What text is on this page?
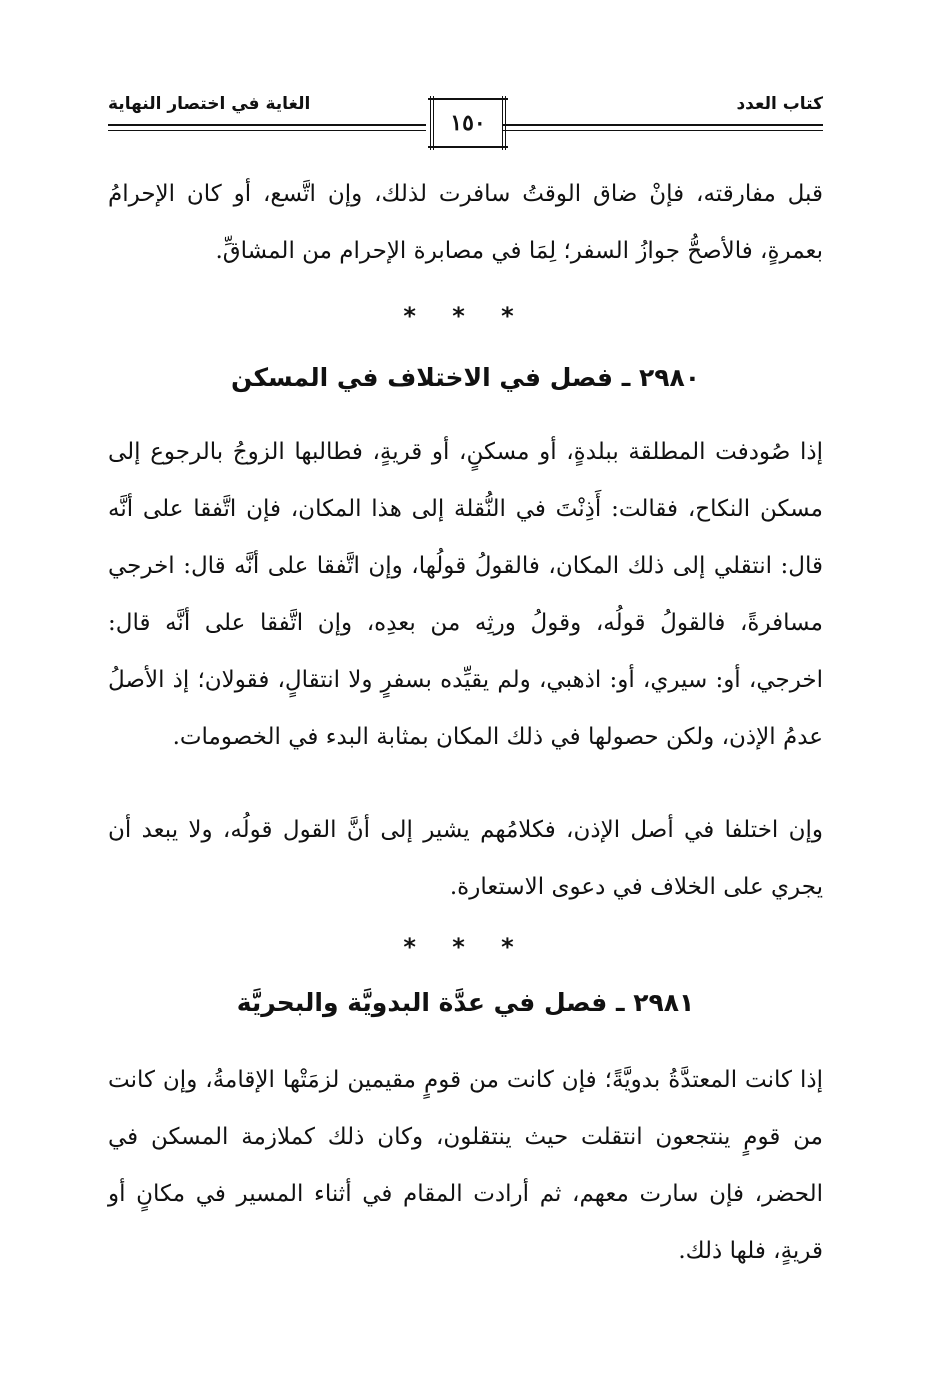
الغاية في اختصار النهاية	كتاب العدد
١٥٠

قبل مفارقته، فإنْ ضاق الوقتُ سافرت لذلك، وإن اتَّسع، أو كان الإحرامُ بعمرةٍ، فالأصحُّ جوازُ السفر؛ لِمَا في مصابرة الإحرام من المشاقِّ.

* * *
٢٩٨٠ ـ فصل في الاختلاف في المسكن

إذا صُودفت المطلقة ببلدةٍ، أو مسكنٍ، أو قريةٍ، فطالبها الزوجُ بالرجوع إلى مسكن النكاح، فقالت: أَذِنْتَ في النُّقلة إلى هذا المكان، فإن اتَّفقا على أنَّه قال: انتقلي إلى ذلك المكان، فالقولُ قولُها، وإن اتَّفقا على أنَّه قال: اخرجي مسافرةً، فالقولُ قولُه، وقولُ ورثِه من بعدِه، وإن اتَّفقا على أنَّه قال: اخرجي، أو: سيري، أو: اذهبي، ولم يقيِّده بسفرٍ ولا انتقالٍ، فقولان؛ إذ الأصلُ عدمُ الإذن، ولكن حصولها في ذلك المكان بمثابة البدء في الخصومات.

وإن اختلفا في أصل الإذن، فكلامُهم يشير إلى أنَّ القول قولُه، ولا يبعد أن يجري على الخلاف في دعوى الاستعارة.

* * *
٢٩٨١ ـ فصل في عدَّة البدويَّة والبحريَّة

إذا كانت المعتدَّةُ بدويَّةً؛ فإن كانت من قومٍ مقيمين لزمَتْها الإقامةُ، وإن كانت من قومٍ ينتجعون انتقلت حيث ينتقلون، وكان ذلك كملازمة المسكن في الحضر، فإن سارت معهم، ثم أرادت المقام في أثناء المسير في مكانٍ أو قريةٍ، فلها ذلك.
